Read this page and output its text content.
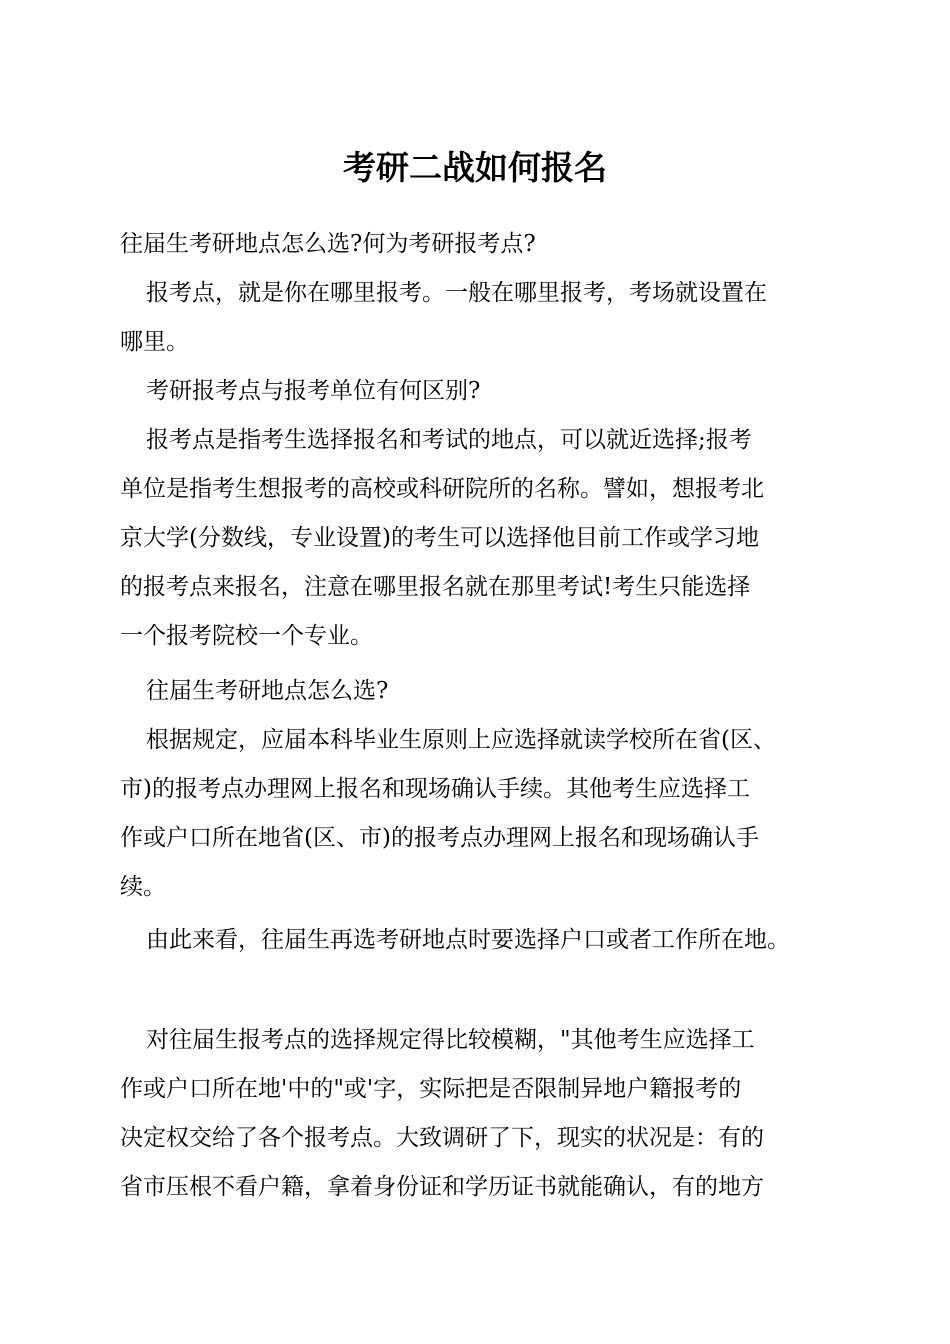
考研二战如何报名
往届生考研地点怎么选?何为考研报考点?
报考点，就是你在哪里报考。一般在哪里报考，考场就设置在
哪里。
考研报考点与报考单位有何区别?
报考点是指考生选择报名和考试的地点，可以就近选择;报考
单位是指考生想报考的高校或科研院所的名称。譬如，想报考北
京大学(分数线，专业设置)的考生可以选择他目前工作或学习地
的报考点来报名，注意在哪里报名就在那里考试!考生只能选择
一个报考院校一个专业。
往届生考研地点怎么选?
根据规定，应届本科毕业生原则上应选择就读学校所在省(区、
市)的报考点办理网上报名和现场确认手续。其他考生应选择工
作或户口所在地省(区、市)的报考点办理网上报名和现场确认手
续。
由此来看，往届生再选考研地点时要选择户口或者工作所在地。
对往届生报考点的选择规定得比较模糊，"其他考生应选择工
作或户口所在地'中的"或'字，实际把是否限制异地户籍报考的
决定权交给了各个报考点。大致调研了下，现实的状况是：有的
省市压根不看户籍，拿着身份证和学历证书就能确认，有的地方
